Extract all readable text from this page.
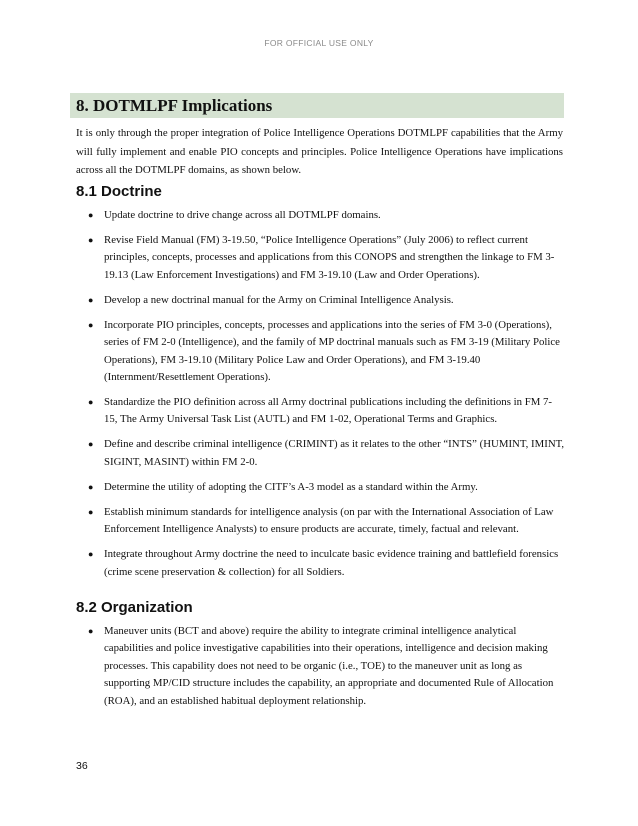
FOR OFFICIAL USE ONLY
8. DOTMLPF Implications

It is only through the proper integration of Police Intelligence Operations DOTMLPF capabilities that the Army will fully implement and enable PIO concepts and principles. Police Intelligence Operations have implications across all the DOTMLPF domains, as shown below.

8.1 Doctrine
● Update doctrine to drive change across all DOTMLPF domains.
● Revise Field Manual (FM) 3-19.50, “Police Intelligence Operations” (July 2006) to reflect current principles, concepts, processes and applications from this CONOPS and strengthen the linkage to FM 3-19.13 (Law Enforcement Investigations) and FM 3-19.10 (Law and Order Operations).
● Develop a new doctrinal manual for the Army on Criminal Intelligence Analysis.
● Incorporate PIO principles, concepts, processes and applications into the series of FM 3-0 (Operations), series of FM 2-0 (Intelligence), and the family of MP doctrinal manuals such as FM 3-19 (Military Police Operations), FM 3-19.10 (Military Police Law and Order Operations), and FM 3-19.40 (Internment/Resettlement Operations).
● Standardize the PIO definition across all Army doctrinal publications including the definitions in FM 7-15, The Army Universal Task List (AUTL) and FM 1-02, Operational Terms and Graphics.
● Define and describe criminal intelligence (CRIMINT) as it relates to the other “INTS” (HUMINT, IMINT, SIGINT, MASINT) within FM 2-0.
● Determine the utility of adopting the CITF’s A-3 model as a standard within the Army.
● Establish minimum standards for intelligence analysis (on par with the International Association of Law Enforcement Intelligence Analysts) to ensure products are accurate, timely, factual and relevant.
● Integrate throughout Army doctrine the need to inculcate basic evidence training and battlefield forensics (crime scene preservation & collection) for all Soldiers.
8.2 Organization
● Maneuver units (BCT and above) require the ability to integrate criminal intelligence analytical capabilities and police investigative capabilities into their operations, intelligence and decision making processes. This capability does not need to be organic (i.e., TOE) to the maneuver unit as long as supporting MP/CID structure includes the capability, an appropriate and documented Rule of Allocation (ROA), and an established habitual deployment relationship.
36
